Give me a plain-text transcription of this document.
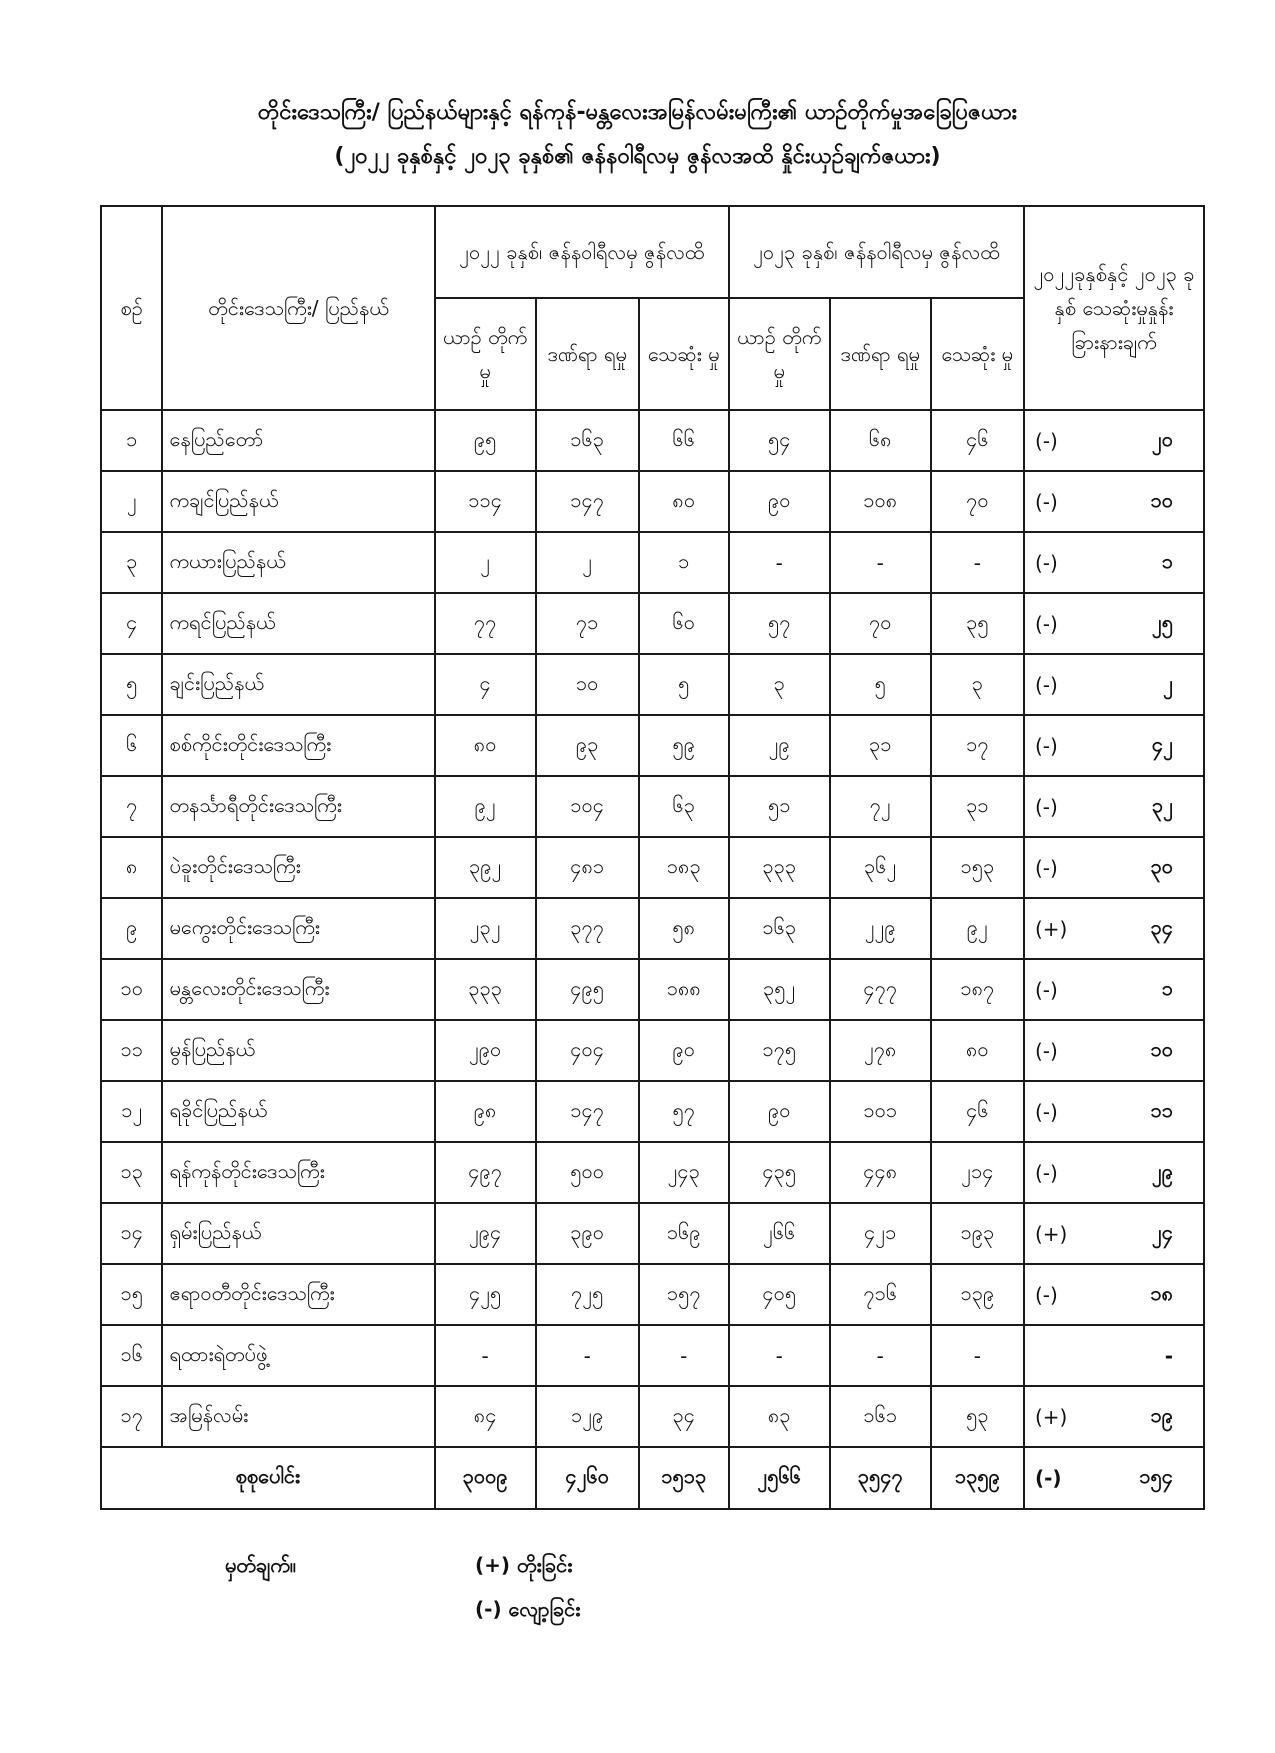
တိုင်းဒေသကြီး/ ပြည်နယ်များနှင့် ရန်ကုန်-မန္တလေးအမြန်လမ်းမကြီး၏ ယာဉ်တိုက်မှုအခြေပြဇယား
(၂၀၂၂ ခုနှစ်နှင့် ၂၀၂၃ ခုနှစ်၏ ဇန်နဝါရီလမှ ဇွန်လအထိ နှိုင်းယှဉ်ချက်ဇယား)
စဉ်	တိုင်းဒေသကြီး/ ပြည်နယ်	၂၀၂၂ ခုနှစ်၊ ဇန်နဝါရီလမှ ဇွန်လထိ			၂၀၂၃ ခုနှစ်၊ ဇန်နဝါရီလမှ ဇွန်လထိ			၂၀၂၂ခုနှစ်နှင့် ၂၀၂၃ ခုနှစ် သေဆုံးမှုနှုန်း ခြားနားချက်
		ယာဉ် တိုက်မှု	ဒဏ်ရာ ရမှု	သေဆုံး မှု	ယာဉ် တိုက်မှု	ဒဏ်ရာ ရမှု	သေဆုံး မှု	
၁	နေပြည်တော်	၉၅	၁၆၃	၆၆	၅၄	၆၈	၄၆	(-) ၂၀

၂	ကချင်ပြည်နယ်	၁၁၄	၁၄၇	၈၀	၉၀	၁၀၈	၇၀	(-) ၁၀

၃	ကယားပြည်နယ်	၂	၂	၁	-	-	-	(-) ၁

၄	ကရင်ပြည်နယ်	၇၇	၇၁	၆၀	၅၇	၇၀	၃၅	(-) ၂၅

၅	ချင်းပြည်နယ်	၄	၁၀	၅	၃	၅	၃	(-) ၂

၆	စစ်ကိုင်းတိုင်းဒေသကြီး	၈၀	၉၃	၅၉	၂၉	၃၁	၁၇	(-) ၄၂

၇	တနင်္သာရီတိုင်းဒေသကြီး	၉၂	၁၀၄	၆၃	၅၁	၇၂	၃၁	(-) ၃၂

၈	ပဲခူးတိုင်းဒေသကြီး	၃၉၂	၄၈၁	၁၈၃	၃၃၃	၃၆၂	၁၅၃	(-) ၃၀

၉	မကွေးတိုင်းဒေသကြီး	၂၃၂	၃၇၇	၅၈	၁၆၃	၂၂၉	၉၂	(+) ၃၄

၁၀	မန္တလေးတိုင်းဒေသကြီး	၃၃၃	၄၉၅	၁၈၈	၃၅၂	၄၇၇	၁၈၇	(-) ၁

၁၁	မွန်ပြည်နယ်	၂၉၀	၄၀၄	၉၀	၁၇၅	၂၇၈	၈၀	(-) ၁၀

၁၂	ရခိုင်ပြည်နယ်	၉၈	၁၄၇	၅၇	၉၀	၁၀၁	၄၆	(-) ၁၁

၁၃	ရန်ကုန်တိုင်းဒေသကြီး	၄၉၇	၅၀၀	၂၄၃	၄၃၅	၄၄၈	၂၁၄	(-) ၂၉

၁၄	ရှမ်းပြည်နယ်	၂၉၄	၃၉၀	၁၆၉	၂၆၆	၄၂၁	၁၉၃	(+) ၂၄

၁၅	ဧရာဝတီတိုင်းဒေသကြီး	၄၂၅	၇၂၅	၁၅၇	၄၀၅	၇၁၆	၁၃၉	(-) ၁၈

၁၆	ရထားရဲတပ်ဖွဲ့	-	-	-	-	-	-	-

၁၇	အမြန်လမ်း	၈၄	၁၂၉	၃၄	၈၃	၁၆၁	၅၃	(+) ၁၉

စုစုပေါင်း		၃၀၀၉	၄၂၆၀	၁၅၁၃	၂၅၆၆	၃၅၄၇	၁၃၅၉	(-) ၁၅၄
မှတ်ချက်။	(+) တိုးခြင်း
(-) လျော့ခြင်း
